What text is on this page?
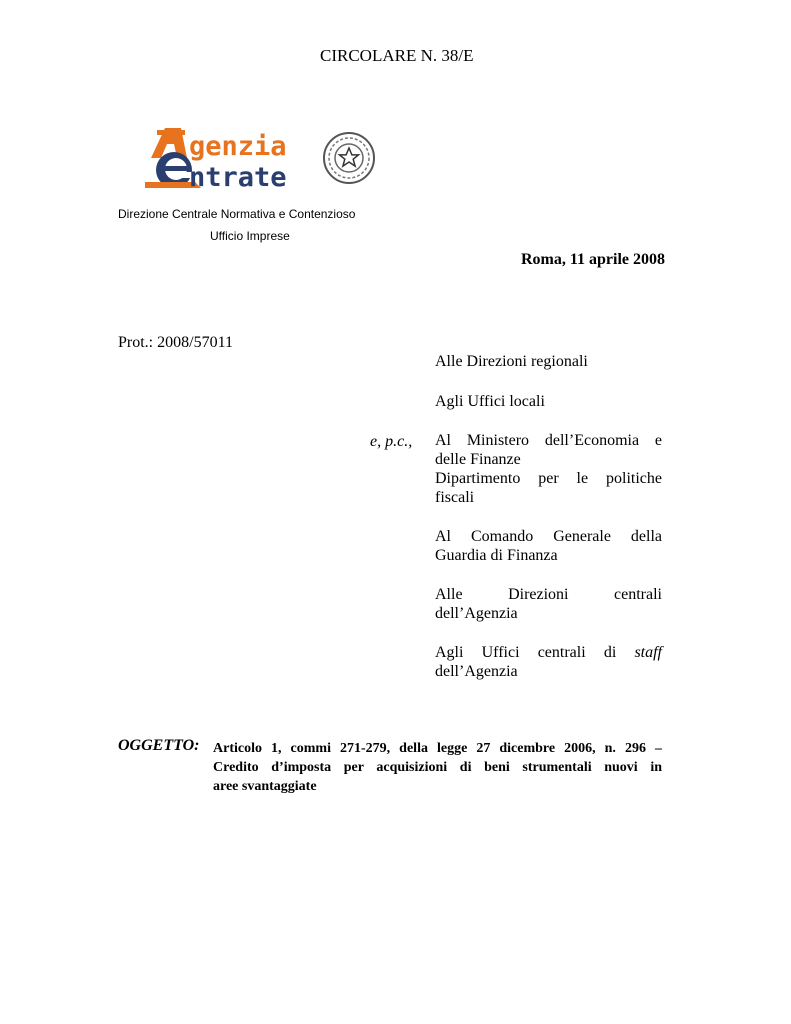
CIRCOLARE N. 38/E
genzia
ntrate
Direzione Centrale Normativa e Contenzioso
Ufficio Imprese
Roma, 11 aprile 2008
Prot.: 2008/57011
Alle Direzioni regionali
Agli Uffici locali
e, p.c., Al Ministero dell’Economia e
delle Finanze
Dipartimento per le politiche
fiscali
Al Comando Generale della
Guardia di Finanza
Alle Direzioni centrali
dell’Agenzia
Agli Uffici centrali di staff
dell’Agenzia
OGGETTO: Articolo 1, commi 271-279, della legge 27 dicembre 2006, n. 296 –
Credito d’imposta per acquisizioni di beni strumentali nuovi in
aree svantaggiate
